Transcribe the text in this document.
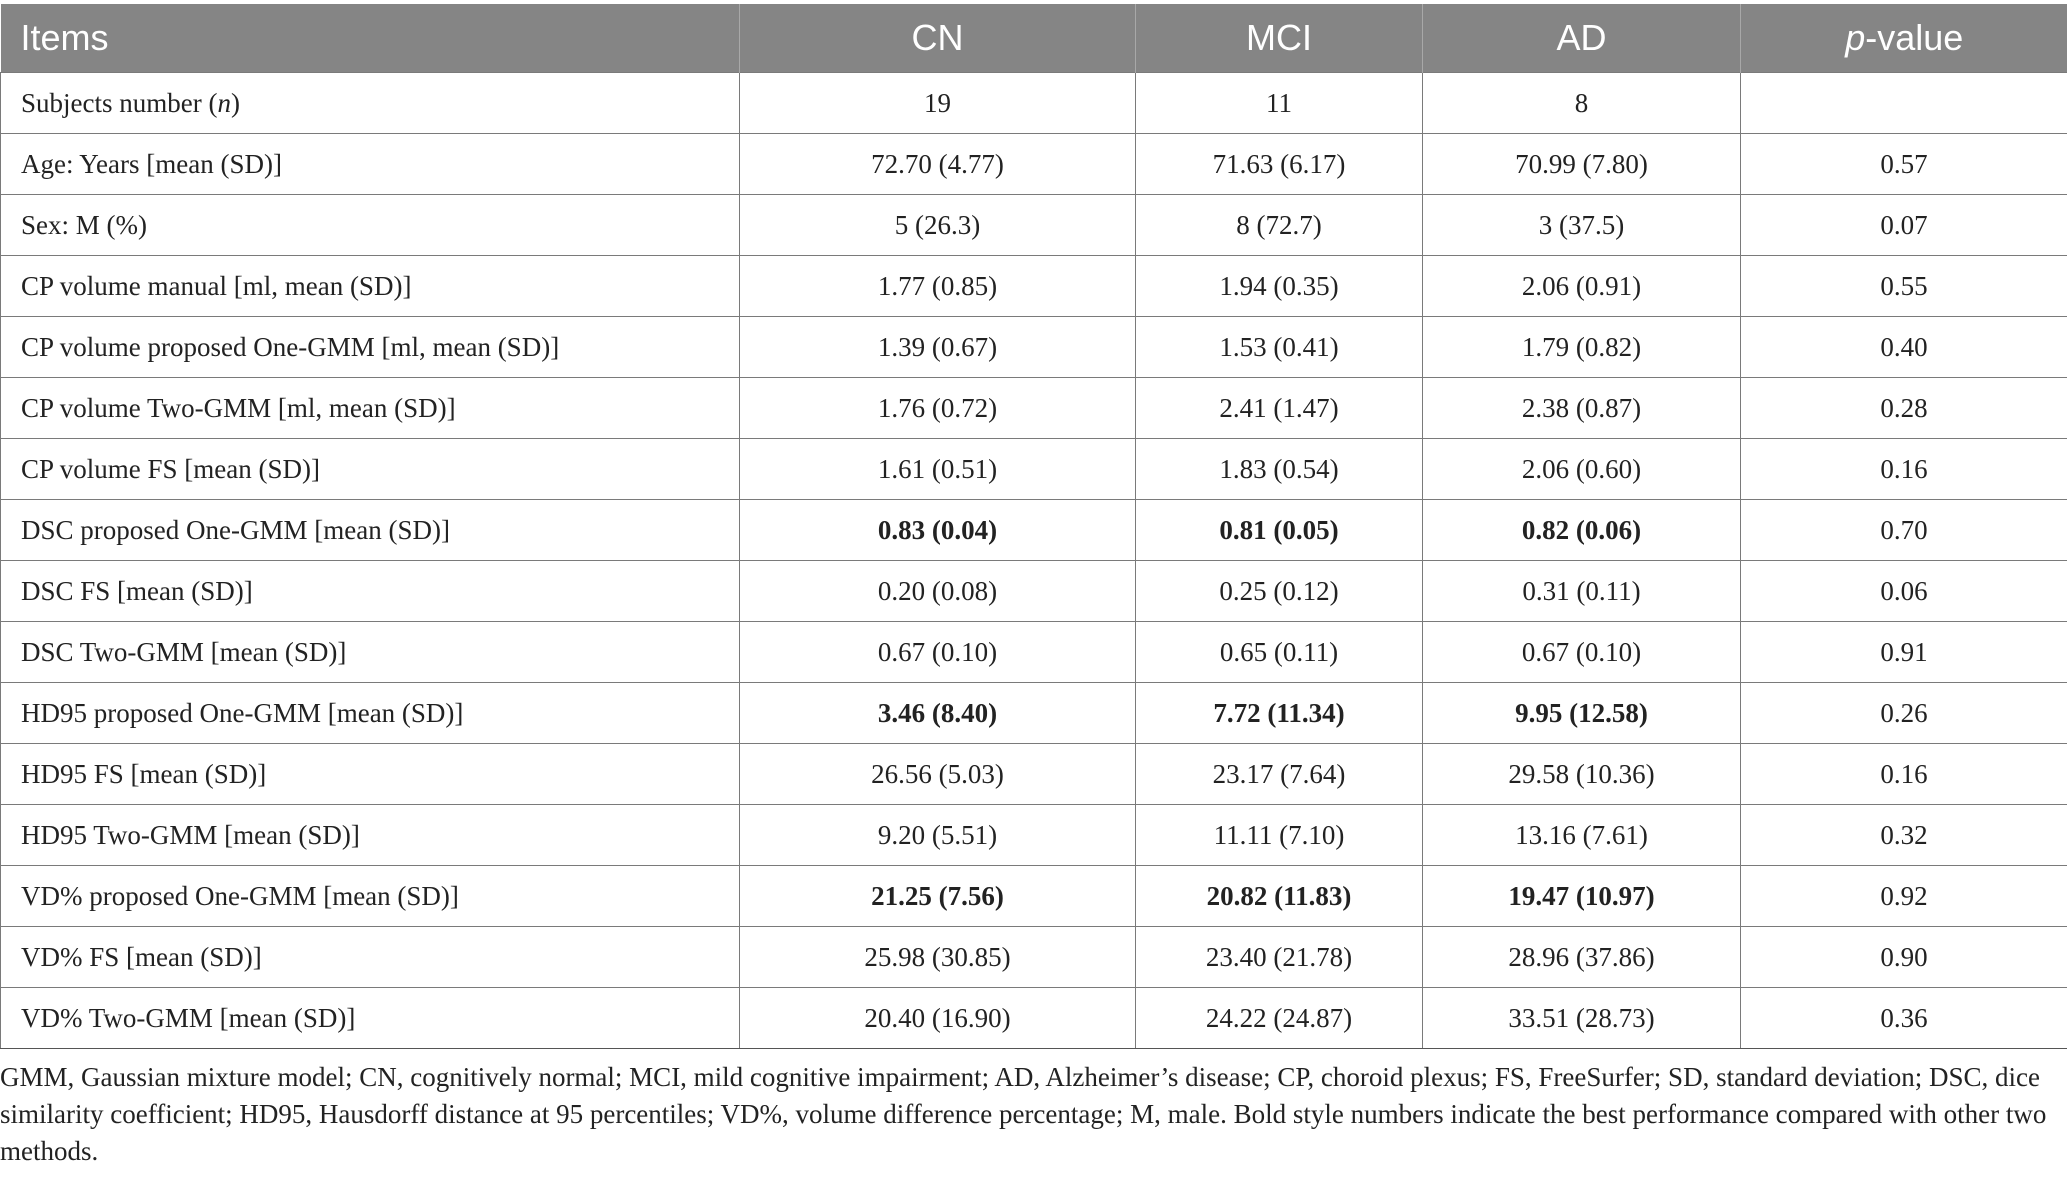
Items	CN	MCI	AD	p-value
Subjects number (n)	19	11	8	
Age: Years [mean (SD)]	72.70 (4.77)	71.63 (6.17)	70.99 (7.80)	0.57
Sex: M (%)	5 (26.3)	8 (72.7)	3 (37.5)	0.07
CP volume manual [ml, mean (SD)]	1.77 (0.85)	1.94 (0.35)	2.06 (0.91)	0.55
CP volume proposed One-GMM [ml, mean (SD)]	1.39 (0.67)	1.53 (0.41)	1.79 (0.82)	0.40
CP volume Two-GMM [ml, mean (SD)]	1.76 (0.72)	2.41 (1.47)	2.38 (0.87)	0.28
CP volume FS [mean (SD)]	1.61 (0.51)	1.83 (0.54)	2.06 (0.60)	0.16
DSC proposed One-GMM [mean (SD)]	0.83 (0.04)	0.81 (0.05)	0.82 (0.06)	0.70
DSC FS [mean (SD)]	0.20 (0.08)	0.25 (0.12)	0.31 (0.11)	0.06
DSC Two-GMM [mean (SD)]	0.67 (0.10)	0.65 (0.11)	0.67 (0.10)	0.91
HD95 proposed One-GMM [mean (SD)]	3.46 (8.40)	7.72 (11.34)	9.95 (12.58)	0.26
HD95 FS [mean (SD)]	26.56 (5.03)	23.17 (7.64)	29.58 (10.36)	0.16
HD95 Two-GMM [mean (SD)]	9.20 (5.51)	11.11 (7.10)	13.16 (7.61)	0.32
VD% proposed One-GMM [mean (SD)]	21.25 (7.56)	20.82 (11.83)	19.47 (10.97)	0.92
VD% FS [mean (SD)]	25.98 (30.85)	23.40 (21.78)	28.96 (37.86)	0.90
VD% Two-GMM [mean (SD)]	20.40 (16.90)	24.22 (24.87)	33.51 (28.73)	0.36

GMM, Gaussian mixture model; CN, cognitively normal; MCI, mild cognitive impairment; AD, Alzheimer’s disease; CP, choroid plexus; FS, FreeSurfer; SD, standard deviation; DSC, dice similarity coefficient; HD95, Hausdorff distance at 95 percentiles; VD%, volume difference percentage; M, male. Bold style numbers indicate the best performance compared with other two methods.
